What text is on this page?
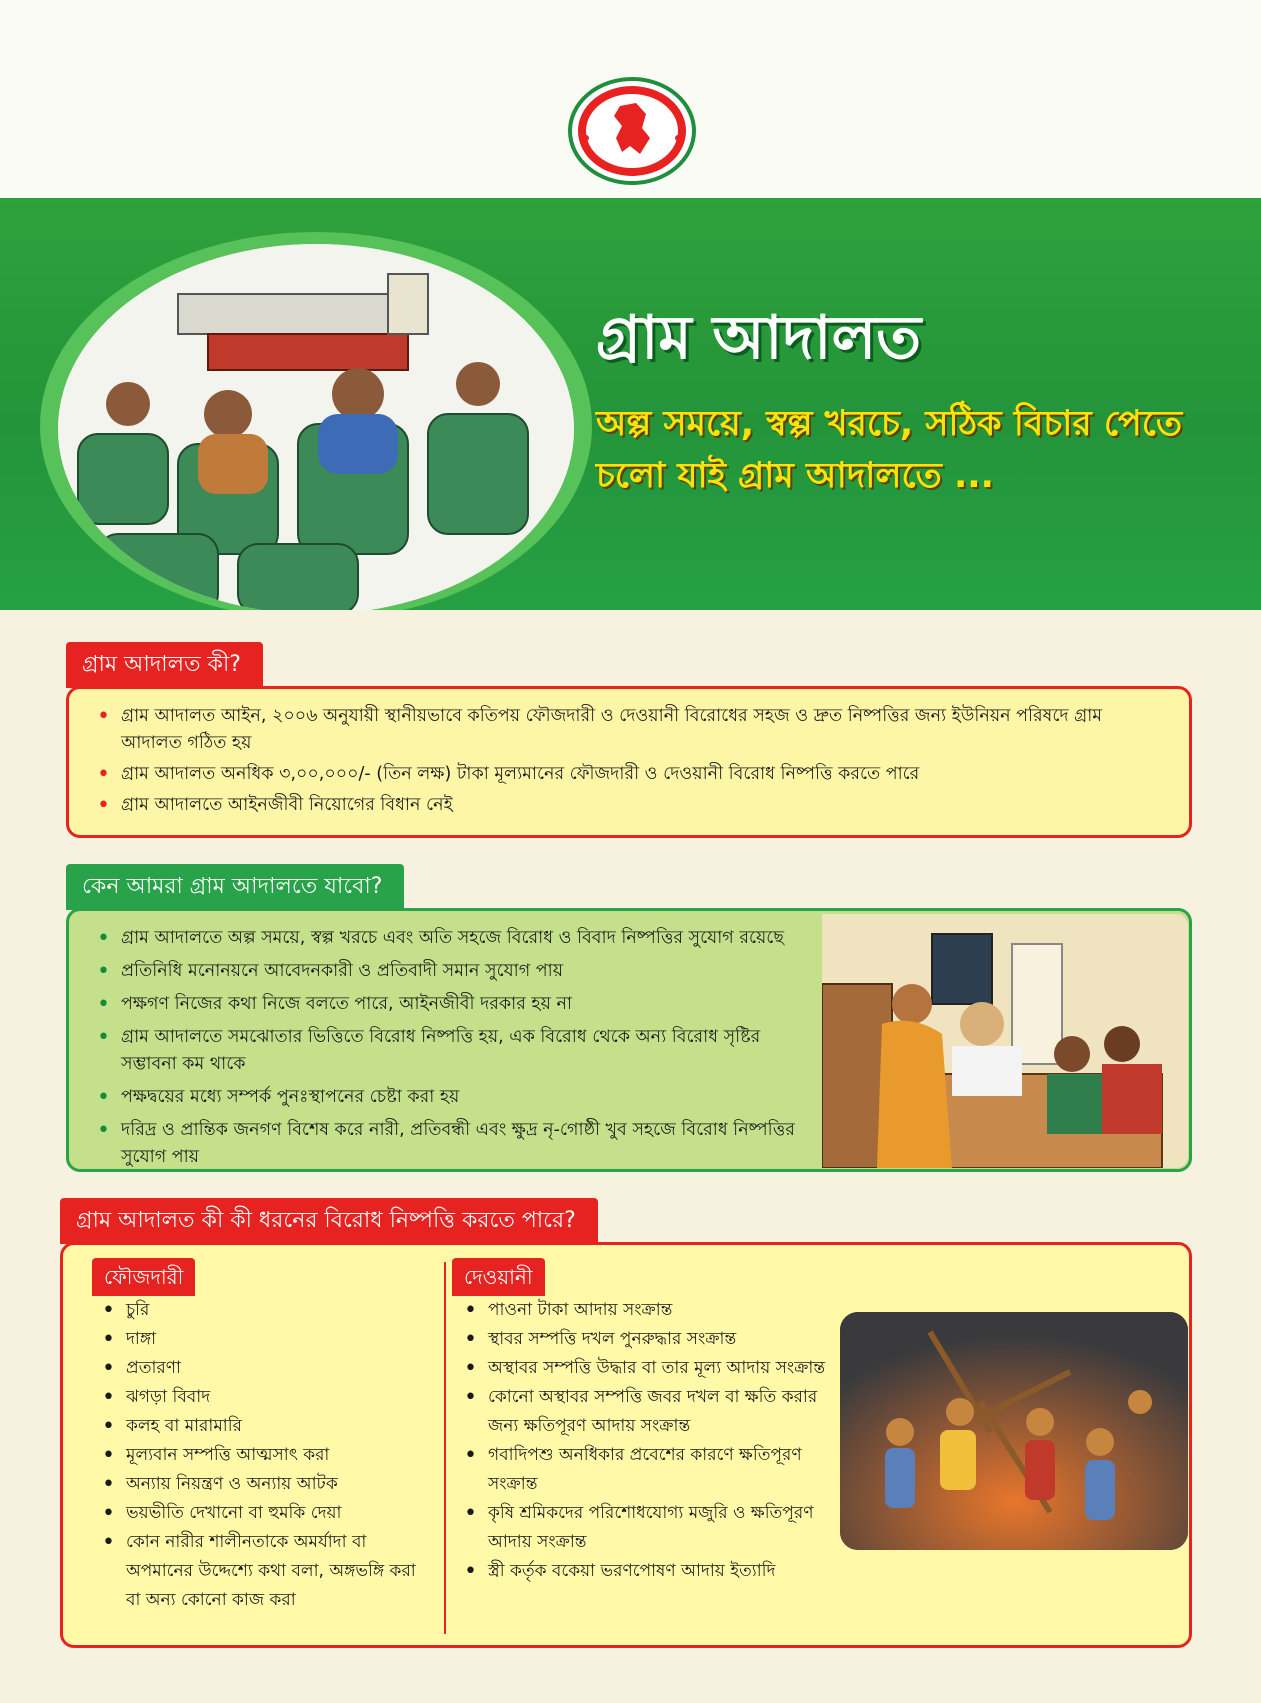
গ্রাম আদালত
অল্প সময়ে, স্বল্প খরচে, সঠিক বিচার পেতে
চলো যাই গ্রাম আদালতে ...
গ্রাম আদালত কী?
• গ্রাম আদালত আইন, ২০০৬ অনুযায়ী স্থানীয়ভাবে কতিপয় ফৌজদারী ও দেওয়ানী বিরোধের সহজ ও দ্রুত নিষ্পত্তির জন্য ইউনিয়ন পরিষদে গ্রাম আদালত গঠিত হয়
• গ্রাম আদালত অনধিক ৩,০০,০০০/- (তিন লক্ষ) টাকা মূল্যমানের ফৌজদারী ও দেওয়ানী বিরোধ নিষ্পত্তি করতে পারে
• গ্রাম আদালতে আইনজীবী নিয়োগের বিধান নেই
কেন আমরা গ্রাম আদালতে যাবো?
• গ্রাম আদালতে অল্প সময়ে, স্বল্প খরচে এবং অতি সহজে বিরোধ ও বিবাদ নিষ্পত্তির সুযোগ রয়েছে
• প্রতিনিধি মনোনয়নে আবেদনকারী ও প্রতিবাদী সমান সুযোগ পায়
• পক্ষগণ নিজের কথা নিজে বলতে পারে, আইনজীবী দরকার হয় না
• গ্রাম আদালতে সমঝোতার ভিত্তিতে বিরোধ নিষ্পত্তি হয়, এক বিরোধ থেকে অন্য বিরোধ সৃষ্টির সম্ভাবনা কম থাকে
• পক্ষদ্বয়ের মধ্যে সম্পর্ক পুনঃস্থাপনের চেষ্টা করা হয়
• দরিদ্র ও প্রান্তিক জনগণ বিশেষ করে নারী, প্রতিবন্ধী এবং ক্ষুদ্র নৃ-গোষ্ঠী খুব সহজে বিরোধ নিষ্পত্তির সুযোগ পায়
গ্রাম আদালত কী কী ধরনের বিরোধ নিষ্পত্তি করতে পারে?
ফৌজদারী	দেওয়ানী
• চুরি
• দাঙ্গা
• প্রতারণা
• ঝগড়া বিবাদ
• কলহ বা মারামারি
• মূল্যবান সম্পত্তি আত্মসাৎ করা
• অন্যায় নিয়ন্ত্রণ ও অন্যায় আটক
• ভয়ভীতি দেখানো বা হুমকি দেয়া
• কোন নারীর শালীনতাকে অমর্যাদা বা অপমানের উদ্দেশ্যে কথা বলা, অঙ্গভঙ্গি করা বা অন্য কোনো কাজ করা
• পাওনা টাকা আদায় সংক্রান্ত
• স্থাবর সম্পত্তি দখল পুনরুদ্ধার সংক্রান্ত
• অস্থাবর সম্পত্তি উদ্ধার বা তার মূল্য আদায় সংক্রান্ত
• কোনো অস্থাবর সম্পত্তি জবর দখল বা ক্ষতি করার জন্য ক্ষতিপূরণ আদায় সংক্রান্ত
• গবাদিপশু অনধিকার প্রবেশের কারণে ক্ষতিপূরণ সংক্রান্ত
• কৃষি শ্রমিকদের পরিশোধযোগ্য মজুরি ও ক্ষতিপূরণ আদায় সংক্রান্ত
• স্ত্রী কর্তৃক বকেয়া ভরণপোষণ আদায় ইত্যাদি
